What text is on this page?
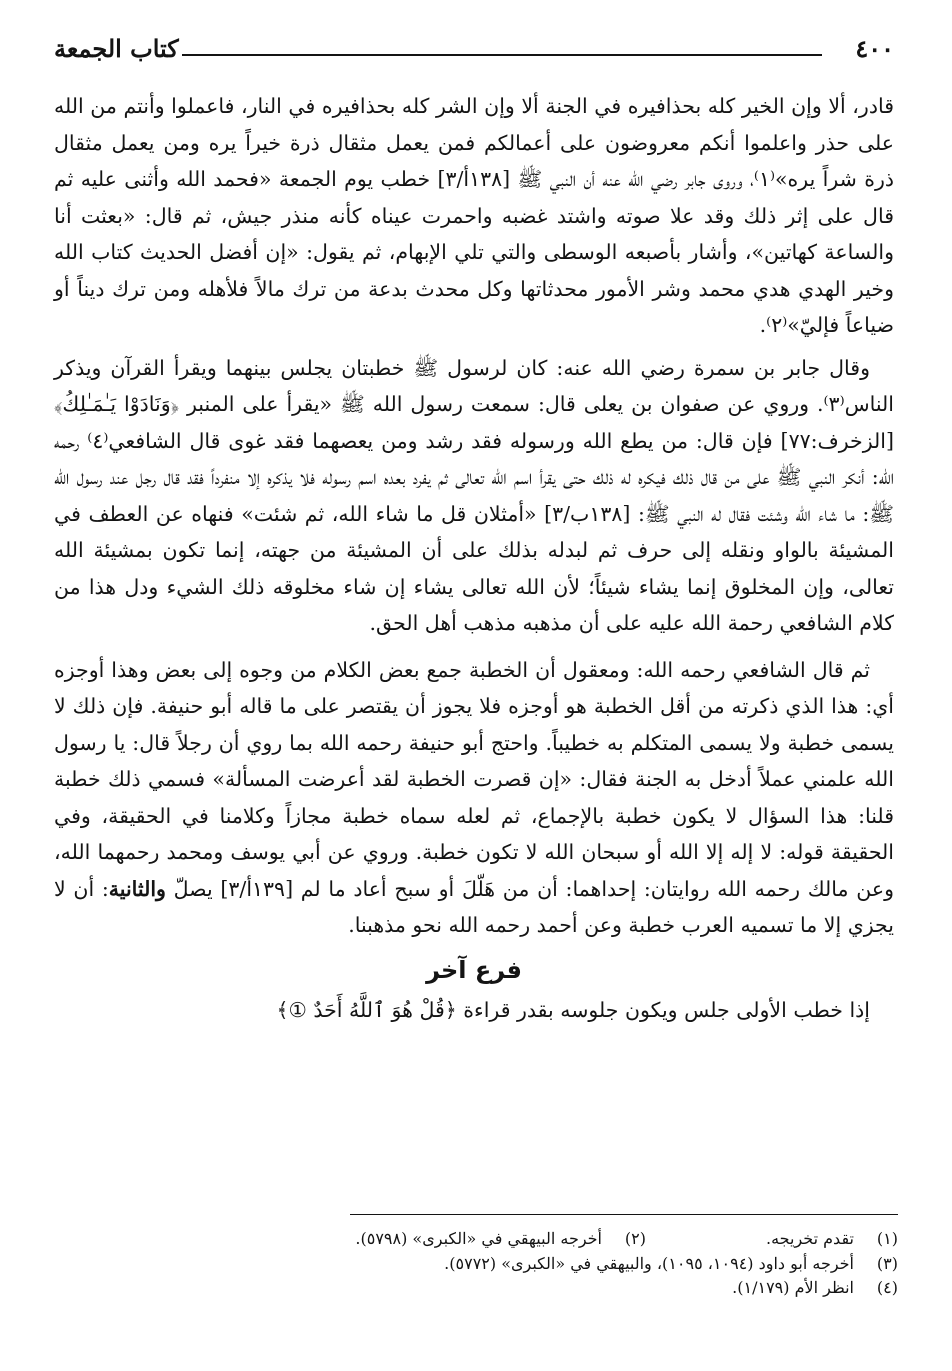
٤٠٠
كتاب الجمعة

قادر، ألا وإن الخير كله بحذافيره في الجنة ألا وإن الشر كله بحذافيره في النار، فاعملوا وأنتم من الله على حذر واعلموا أنكم معروضون على أعمالكم فمن يعمل مثقال ذرة خيراً يره ومن يعمل مثقال ذرة شراً يره»⁽١⁾، وروى جابر رضي الله عنه أن النبي ﷺ [١٣٨أ/٣] خطب يوم الجمعة «فحمد الله وأثنى عليه ثم قال على إثر ذلك وقد علا صوته واشتد غضبه واحمرت عيناه كأنه منذر جيش، ثم قال: «بعثت أنا والساعة كهاتين»، وأشار بأصبعه الوسطى والتي تلي الإبهام، ثم يقول: «إن أفضل الحديث كتاب الله وخير الهدي هدي محمد وشر الأمور محدثاتها وكل محدث بدعة من ترك مالاً فلأهله ومن ترك ديناً أو ضياعاً فإليّ»⁽٢⁾.

وقال جابر بن سمرة رضي الله عنه: كان لرسول ﷺ خطبتان يجلس بينهما ويقرأ القرآن ويذكر الناس⁽٣⁾. وروي عن صفوان بن يعلى قال: سمعت رسول الله ﷺ «يقرأ على المنبر ﴿وَنَادَوْا يَـٰمَـٰلِكُ﴾ [الزخرف:٧٧] فإن قال: من يطع الله ورسوله فقد رشد ومن يعصهما فقد غوى قال الشافعي⁽٤⁾ رحمه الله: أنكر النبي ﷺ على من قال ذلك فيكره له ذلك حتى يقرأ اسم الله تعالى ثم يفرد بعده اسم رسوله فلا يذكره إلا منفرداً فقد قال رجل عند رسول الله ﷺ: ما شاء الله وشئت فقال له النبي ﷺ: [١٣٨ب/٣] «أمثلان قل ما شاء الله، ثم شئت» فنهاه عن العطف في المشيئة بالواو ونقله إلى حرف ثم لبدله بذلك على أن المشيئة من جهته، إنما تكون بمشيئة الله تعالى، وإن المخلوق إنما يشاء شيئاً؛ لأن الله تعالى يشاء إن شاء مخلوقه ذلك الشيء ودل هذا من كلام الشافعي رحمة الله عليه على أن مذهبه مذهب أهل الحق.

ثم قال الشافعي رحمه الله: ومعقول أن الخطبة جمع بعض الكلام من وجوه إلى بعض وهذا أوجزه أي: هذا الذي ذكرته من أقل الخطبة هو أوجزه فلا يجوز أن يقتصر على ما قاله أبو حنيفة. فإن ذلك لا يسمى خطبة ولا يسمى المتكلم به خطيباً. واحتج أبو حنيفة رحمه الله بما روي أن رجلاً قال: يا رسول الله علمني عملاً أدخل به الجنة فقال: «إن قصرت الخطبة لقد أعرضت المسألة» فسمي ذلك خطبة قلنا: هذا السؤال لا يكون خطبة بالإجماع، ثم لعله سماه خطبة مجازاً وكلامنا في الحقيقة، وفي الحقيقة قوله: لا إله إلا الله أو سبحان الله لا تكون خطبة. وروي عن أبي يوسف ومحمد رحمهما الله، وعن مالك رحمه الله روايتان: إحداهما: أن من هَلّلَ أو سبح أعاد ما لم [١٣٩أ/٣] يصلّ والثانية: أن لا يجزي إلا ما تسميه العرب خطبة وعن أحمد رحمه الله نحو مذهبنا.

فرع آخر

إذا خطب الأولى جلس ويكون جلوسه بقدر قراءة ﴿قُلْ هُوَ ٱللَّهُ أَحَدٌ ①﴾

(١)تقدم تخريجه.(٢)أخرجه البيهقي في «الكبرى» (٥٧٩٨).
(٣)أخرجه أبو داود (١٠٩٤، ١٠٩٥)، والبيهقي في «الكبرى» (٥٧٧٢).
(٤)انظر الأم (١/١٧٩).
